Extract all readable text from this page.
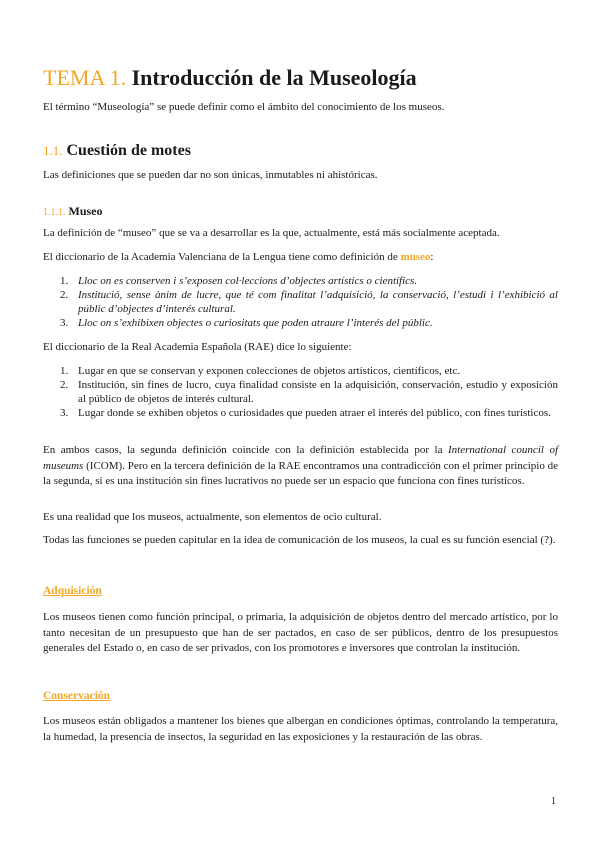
TEMA 1. Introducción de la Museología

El término “Museología” se puede definir como el ámbito del conocimiento de los museos.

1.1. Cuestión de motes

Las definiciones que se pueden dar no son únicas, inmutables ni ahistóricas.

1.1.1. Museo

La definición de “museo” que se va a desarrollar es la que, actualmente, está más socialmente aceptada.

El diccionario de la Academia Valenciana de la Lengua tiene como definición de museo:

1. Lloc on es conserven i s’exposen col·leccions d’objectes artístics o científics.
2. Institució, sense ànim de lucre, que té com finalitat l’adquisició, la conservació, l’estudi i l’exhibició al públic d’objectes d’interés cultural.
3. Lloc on s’exhibixen objectes o curiositats que poden atraure l’interés del públic.

El diccionario de la Real Academia Española (RAE) dice lo siguiente:

1. Lugar en que se conservan y exponen colecciones de objetos artísticos, científicos, etc.
2. Institución, sin fines de lucro, cuya finalidad consiste en la adquisición, conservación, estudio y exposición al público de objetos de interés cultural.
3. Lugar donde se exhiben objetos o curiosidades que pueden atraer el interés del público, con fines turísticos.

En ambos casos, la segunda definición coincide con la definición establecida por la International council of museums (ICOM). Pero en la tercera definición de la RAE encontramos una contradicción con el primer principio de la segunda, si es una institución sin fines lucrativos no puede ser un espacio que funciona con fines turísticos.

Es una realidad que los museos, actualmente, son elementos de ocio cultural.

Todas las funciones se pueden capitular en la idea de comunicación de los museos, la cual es su función esencial (?).

Adquisición

Los museos tienen como función principal, o primaria, la adquisición de objetos dentro del mercado artístico, por lo tanto necesitan de un presupuesto que han de ser pactados, en caso de ser públicos, dentro de los presupuestos generales del Estado o, en caso de ser privados, con los promotores e inversores que controlan la institución.

Conservación

Los museos están obligados a mantener los bienes que albergan en condiciones óptimas, controlando la temperatura, la humedad, la presencia de insectos, la seguridad en las exposiciones y la restauración de las obras.

1
